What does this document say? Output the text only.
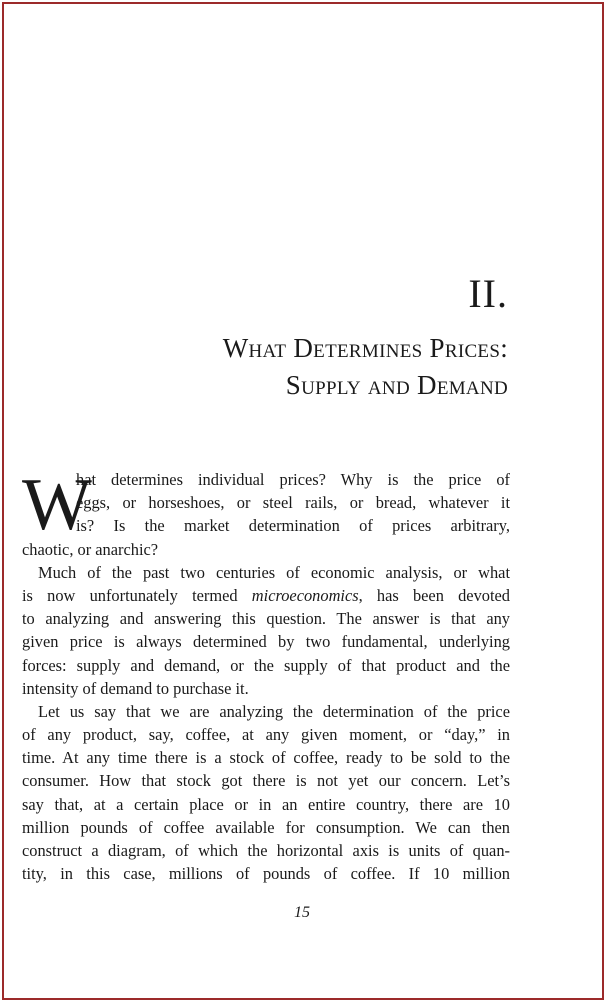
II.
What Determines Prices:
Supply and Demand
W
hat determines individual prices? Why is the price of
eggs, or horseshoes, or steel rails, or bread, whatever it
is? Is the market determination of prices arbitrary,
chaotic, or anarchic?
Much of the past two centuries of economic analysis, or what
is now unfortunately termed microeconomics, has been devoted
to analyzing and answering this question. The answer is that any
given price is always determined by two fundamental, underlying
forces: supply and demand, or the supply of that product and the
intensity of demand to purchase it.
Let us say that we are analyzing the determination of the price
of any product, say, coffee, at any given moment, or “day,” in
time. At any time there is a stock of coffee, ready to be sold to the
consumer. How that stock got there is not yet our concern. Let’s
say that, at a certain place or in an entire country, there are 10
million pounds of coffee available for consumption. We can then
construct a diagram, of which the horizontal axis is units of quan-
tity, in this case, millions of pounds of coffee. If 10 million
15
